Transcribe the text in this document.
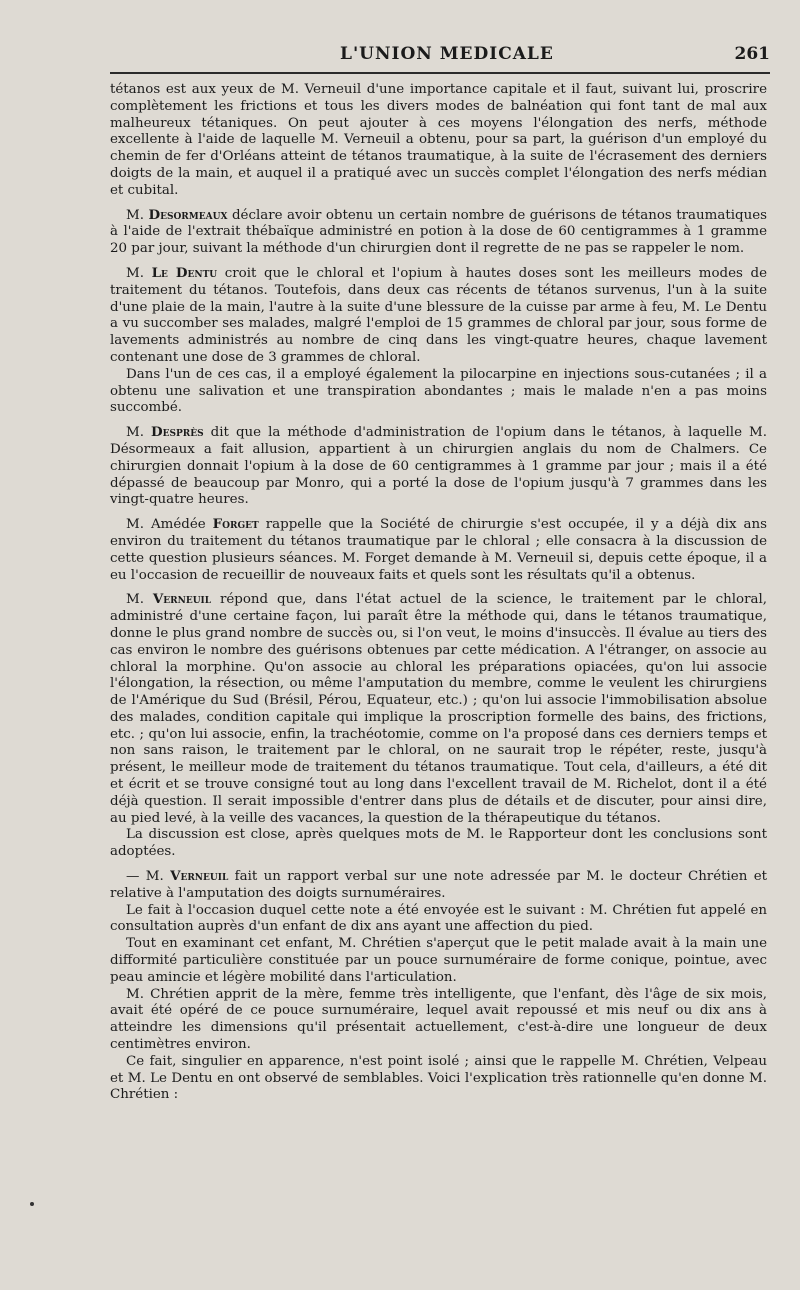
L'UNION MEDICALE	261

tétanos est aux yeux de M. Verneuil d'une importance capitale et il faut, suivant lui, proscrire complètement les frictions et tous les divers modes de balnéation qui font tant de mal aux malheureux tétaniques. On peut ajouter à ces moyens l'élongation des nerfs, méthode excellente à l'aide de laquelle M. Verneuil a obtenu, pour sa part, la guérison d'un employé du chemin de fer d'Orléans atteint de tétanos traumatique, à la suite de l'écrasement des derniers doigts de la main, et auquel il a pratiqué avec un succès complet l'élongation des nerfs médian et cubital.

M. Desormeaux déclare avoir obtenu un certain nombre de guérisons de tétanos traumatiques à l'aide de l'extrait thébaïque administré en potion à la dose de 60 centigrammes à 1 gramme 20 par jour, suivant la méthode d'un chirurgien dont il regrette de ne pas se rappeler le nom.

M. Le Dentu croit que le chloral et l'opium à hautes doses sont les meilleurs modes de traitement du tétanos. Toutefois, dans deux cas récents de tétanos survenus, l'un à la suite d'une plaie de la main, l'autre à la suite d'une blessure de la cuisse par arme à feu, M. Le Dentu a vu succomber ses malades, malgré l'emploi de 15 grammes de chloral par jour, sous forme de lavements administrés au nombre de cinq dans les vingt-quatre heures, chaque lavement contenant une dose de 3 grammes de chloral.

Dans l'un de ces cas, il a employé également la pilocarpine en injections sous-cutanées ; il a obtenu une salivation et une transpiration abondantes ; mais le malade n'en a pas moins succombé.

M. Desprès dit que la méthode d'administration de l'opium dans le tétanos, à laquelle M. Désormeaux a fait allusion, appartient à un chirurgien anglais du nom de Chalmers. Ce chirurgien donnait l'opium à la dose de 60 centigrammes à 1 gramme par jour ; mais il a été dépassé de beaucoup par Monro, qui a porté la dose de l'opium jusqu'à 7 grammes dans les vingt-quatre heures.

M. Amédée Forget rappelle que la Société de chirurgie s'est occupée, il y a déjà dix ans environ du traitement du tétanos traumatique par le chloral ; elle consacra à la discussion de cette question plusieurs séances. M. Forget demande à M. Verneuil si, depuis cette époque, il a eu l'occasion de recueillir de nouveaux faits et quels sont les résultats qu'il a obtenus.

M. Verneuil répond que, dans l'état actuel de la science, le traitement par le chloral, administré d'une certaine façon, lui paraît être la méthode qui, dans le tétanos traumatique, donne le plus grand nombre de succès ou, si l'on veut, le moins d'insuccès. Il évalue au tiers des cas environ le nombre des guérisons obtenues par cette médication. A l'étranger, on associe au chloral la morphine. Qu'on associe au chloral les préparations opiacées, qu'on lui associe l'élongation, la résection, ou même l'amputation du membre, comme le veulent les chirurgiens de l'Amérique du Sud (Brésil, Pérou, Equateur, etc.) ; qu'on lui associe l'immobilisation absolue des malades, condition capitale qui implique la proscription formelle des bains, des frictions, etc. ; qu'on lui associe, enfin, la trachéotomie, comme on l'a proposé dans ces derniers temps et non sans raison, le traitement par le chloral, on ne saurait trop le répéter, reste, jusqu'à présent, le meilleur mode de traitement du tétanos traumatique. Tout cela, d'ailleurs, a été dit et écrit et se trouve consigné tout au long dans l'excellent travail de M. Richelot, dont il a été déjà question. Il serait impossible d'entrer dans plus de détails et de discuter, pour ainsi dire, au pied levé, à la veille des vacances, la question de la thérapeutique du tétanos.

La discussion est close, après quelques mots de M. le Rapporteur dont les conclusions sont adoptées.

— M. Verneuil fait un rapport verbal sur une note adressée par M. le docteur Chrétien et relative à l'amputation des doigts surnuméraires.

Le fait à l'occasion duquel cette note a été envoyée est le suivant : M. Chrétien fut appelé en consultation auprès d'un enfant de dix ans ayant une affection du pied.

Tout en examinant cet enfant, M. Chrétien s'aperçut que le petit malade avait à la main une difformité particulière constituée par un pouce surnuméraire de forme conique, pointue, avec peau amincie et légère mobilité dans l'articulation.

M. Chrétien apprit de la mère, femme très intelligente, que l'enfant, dès l'âge de six mois, avait été opéré de ce pouce surnuméraire, lequel avait repoussé et mis neuf ou dix ans à atteindre les dimensions qu'il présentait actuellement, c'est-à-dire une longueur de deux centimètres environ.

Ce fait, singulier en apparence, n'est point isolé ; ainsi que le rappelle M. Chrétien, Velpeau et M. Le Dentu en ont observé de semblables. Voici l'explication très rationnelle qu'en donne M. Chrétien :
